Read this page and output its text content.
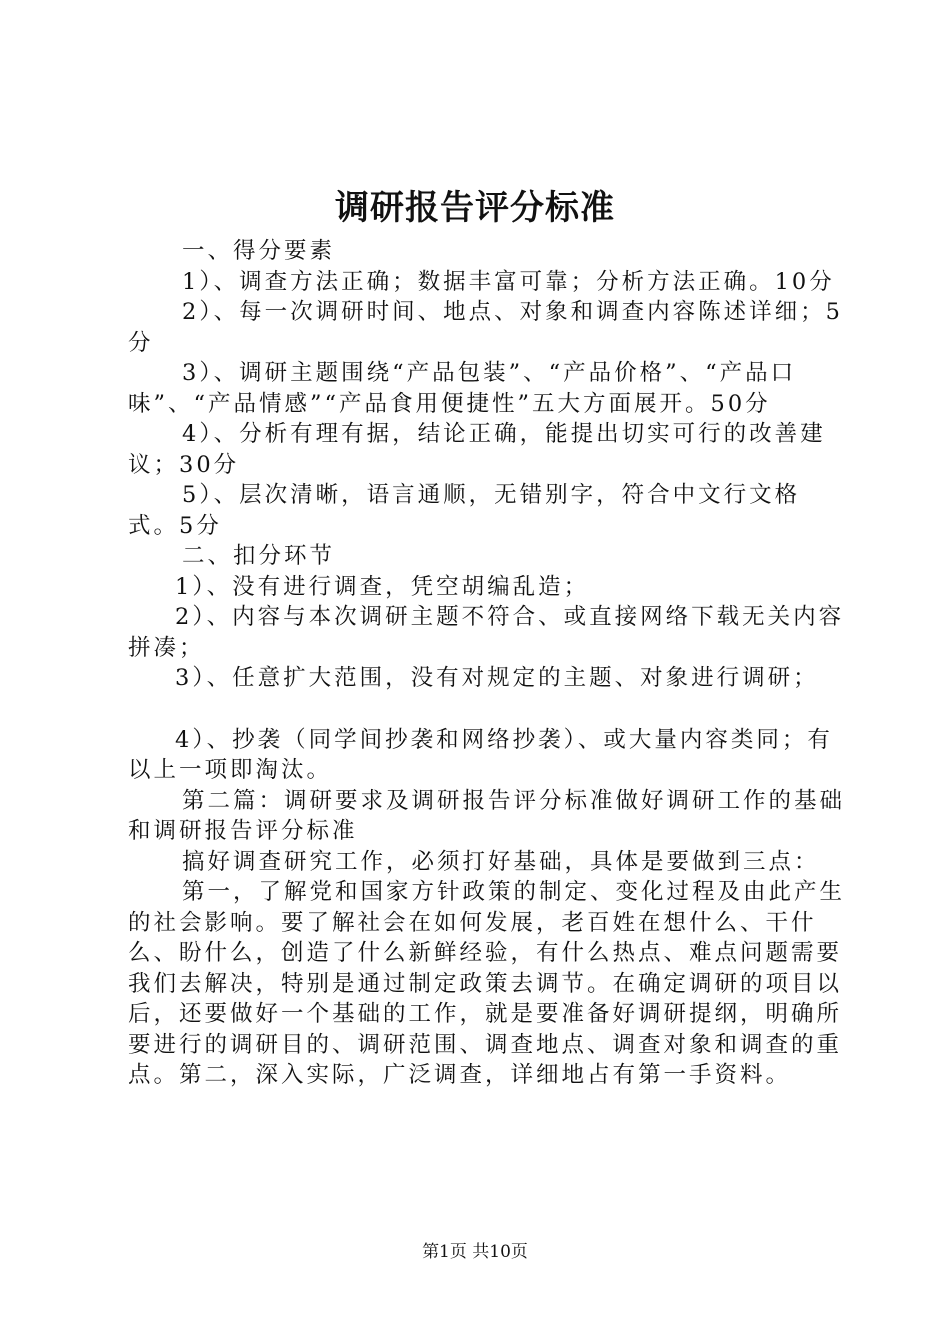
调研报告评分标准

一、得分要素

1）、调查方法正确；数据丰富可靠；分析方法正确。10分

2）、每一次调研时间、地点、对象和调查内容陈述详细；5分

3）、调研主题围绕“产品包装”、“产品价格”、“产品口味”、“产品情感”“产品食用便捷性”五大方面展开。50分

4）、分析有理有据，结论正确，能提出切实可行的改善建议；30分

5）、层次清晰，语言通顺，无错别字，符合中文行文格式。5分

二、扣分环节

1）、没有进行调查，凭空胡编乱造；

2）、内容与本次调研主题不符合、或直接网络下载无关内容拼凑；

3）、任意扩大范围，没有对规定的主题、对象进行调研；

4）、抄袭（同学间抄袭和网络抄袭）、或大量内容类同；有以上一项即淘汰。

第二篇：调研要求及调研报告评分标准做好调研工作的基础和调研报告评分标准

搞好调查研究工作，必须打好基础，具体是要做到三点：

第一，了解党和国家方针政策的制定、变化过程及由此产生的社会影响。要了解社会在如何发展，老百姓在想什么、干什么、盼什么，创造了什么新鲜经验，有什么热点、难点问题需要我们去解决，特别是通过制定政策去调节。在确定调研的项目以后，还要做好一个基础的工作，就是要准备好调研提纲，明确所要进行的调研目的、调研范围、调查地点、调查对象和调查的重点。第二，深入实际，广泛调查，详细地占有第一手资料。

第1页 共10页
